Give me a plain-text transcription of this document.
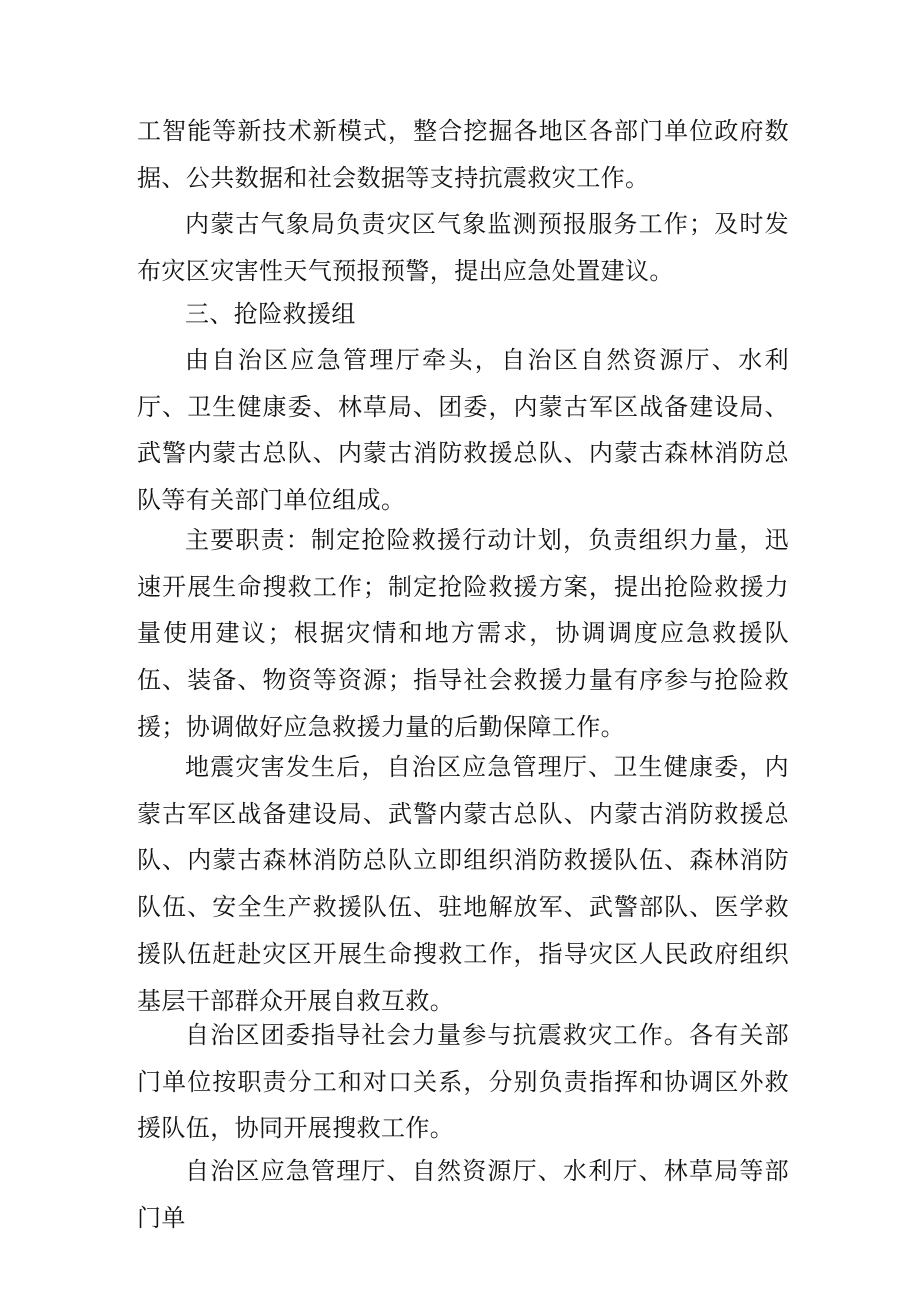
工智能等新技术新模式，整合挖掘各地区各部门单位政府数据、公共数据和社会数据等支持抗震救灾工作。

内蒙古气象局负责灾区气象监测预报服务工作；及时发布灾区灾害性天气预报预警，提出应急处置建议。

三、抢险救援组

由自治区应急管理厅牵头，自治区自然资源厅、水利厅、卫生健康委、林草局、团委，内蒙古军区战备建设局、武警内蒙古总队、内蒙古消防救援总队、内蒙古森林消防总队等有关部门单位组成。

主要职责：制定抢险救援行动计划，负责组织力量，迅速开展生命搜救工作；制定抢险救援方案，提出抢险救援力量使用建议；根据灾情和地方需求，协调调度应急救援队伍、装备、物资等资源；指导社会救援力量有序参与抢险救援；协调做好应急救援力量的后勤保障工作。

地震灾害发生后，自治区应急管理厅、卫生健康委，内蒙古军区战备建设局、武警内蒙古总队、内蒙古消防救援总队、内蒙古森林消防总队立即组织消防救援队伍、森林消防队伍、安全生产救援队伍、驻地解放军、武警部队、医学救援队伍赶赴灾区开展生命搜救工作，指导灾区人民政府组织基层干部群众开展自救互救。

自治区团委指导社会力量参与抗震救灾工作。各有关部门单位按职责分工和对口关系，分别负责指挥和协调区外救援队伍，协同开展搜救工作。

自治区应急管理厅、自然资源厅、水利厅、林草局等部门单
